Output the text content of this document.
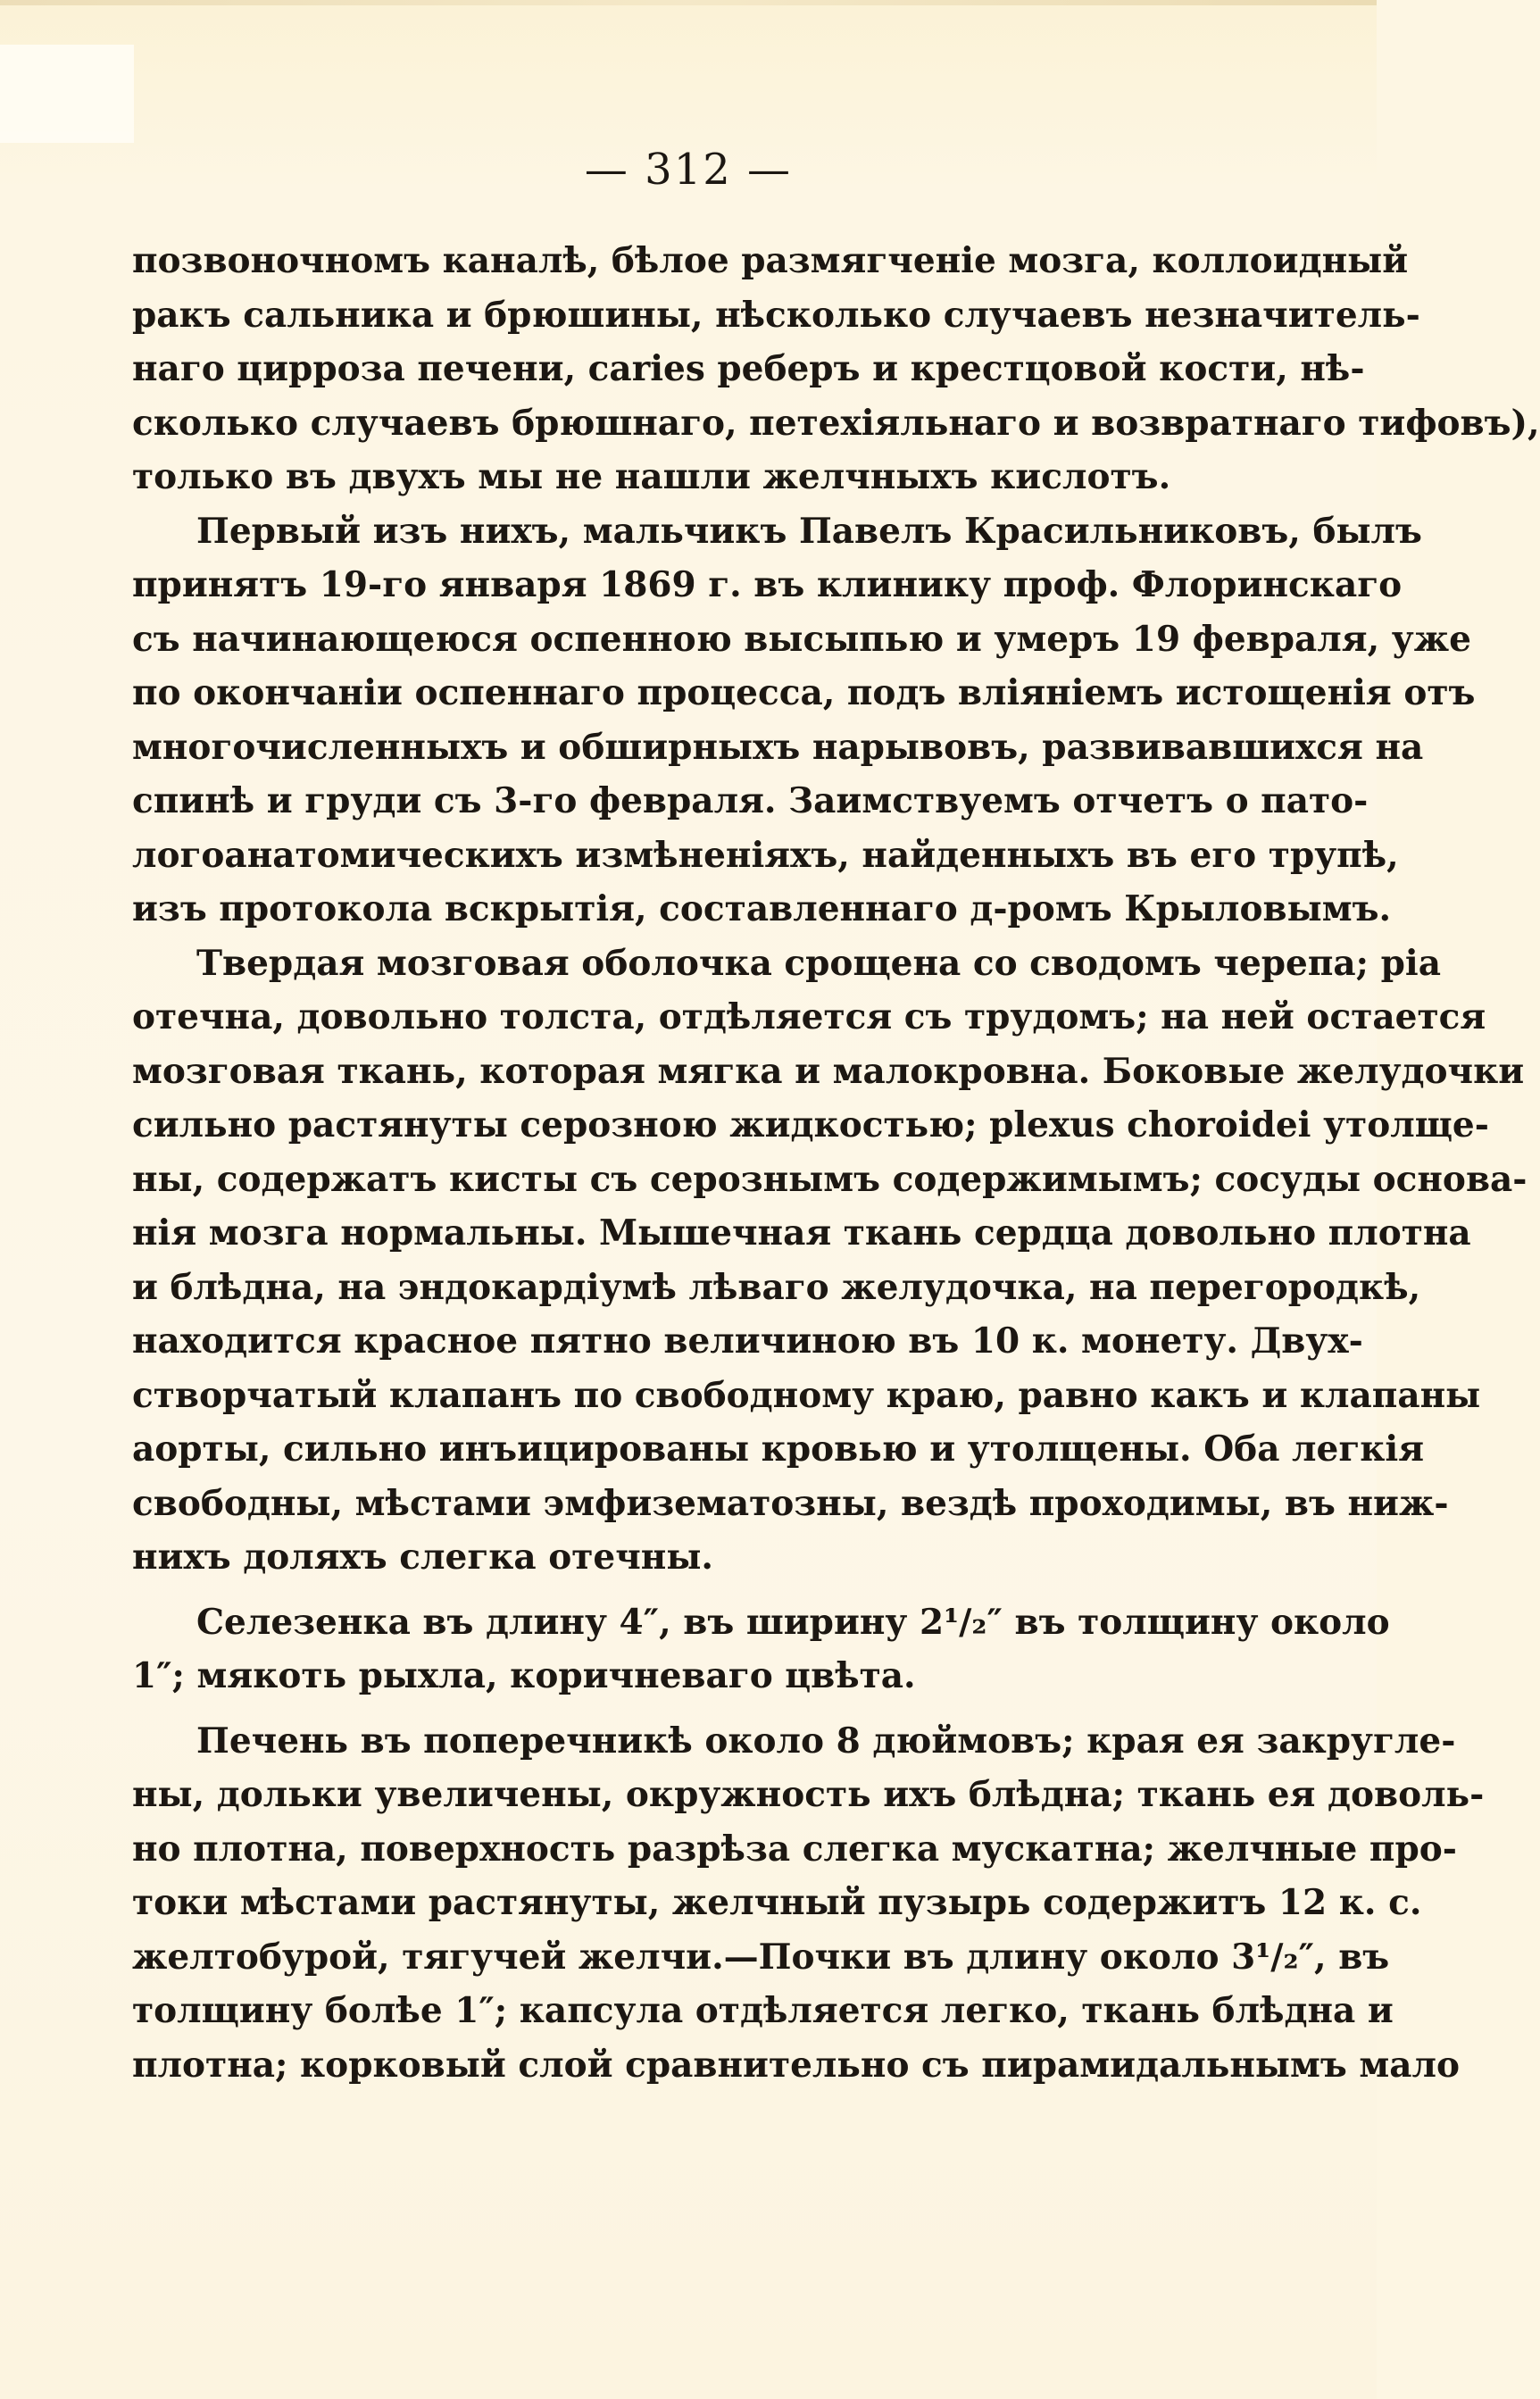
— 312 —
позвоночномъ каналѣ, бѣлое размягченіе мозга, коллоидный
ракъ сальника и брюшины, нѣсколько случаевъ незначитель-
наго цирроза печени, caries реберъ и крестцовой кости, нѣ-
сколько случаевъ брюшнаго, петехіяльнаго и возвратнаго тифовъ),
только въ двухъ мы не нашли желчныхъ кислотъ.
Первый изъ нихъ, мальчикъ Павелъ Красильниковъ, былъ
принятъ 19-го января 1869 г. въ клинику проф. Флоринскаго
съ начинающеюся оспенною высыпью и умеръ 19 февраля, уже
по окончаніи оспеннаго процесса, подъ вліяніемъ истощенія отъ
многочисленныхъ и обширныхъ нарывовъ, развивавшихся на
спинѣ и груди съ 3-го февраля. Заимствуемъ отчетъ о пато-
логоанатомическихъ измѣненіяхъ, найденныхъ въ его трупѣ,
изъ протокола вскрытія, составленнаго д-ромъ Крыловымъ.
Твердая мозговая оболочка срощена со сводомъ черепа; pia
отечна, довольно толста, отдѣляется съ трудомъ; на ней остается
мозговая ткань, которая мягка и малокровна. Боковые желудочки
сильно растянуты серозною жидкостью; plexus choroidei утолще-
ны, содержатъ кисты съ сeрознымъ содержимымъ; сосуды основа-
нія мозга нормальны. Мышечная ткань сердца довольно плотна
и блѣдна, на эндокардіумѣ лѣваго желудочка, на перегородкѣ,
находится красное пятно величиною въ 10 к. монету. Двух-
створчатый клапанъ по свободному краю, равно какъ и клапаны
аорты, сильно инъицированы кровью и утолщены. Оба легкія
свободны, мѣстами эмфизематозны, вездѣ проходимы, въ ниж-
нихъ доляхъ слегка отечны.
Селезенка въ длину 4″, въ ширину 2¹/₂″ въ толщину около
1″; мякоть рыхла, коричневаго цвѣта.
Печень въ поперечникѣ около 8 дюймовъ; края ея закругле-
ны, дольки увеличены, окружность ихъ блѣдна; ткань ея доволь-
но плотна, поверхность разрѣза слегка мускатна; желчные про-
токи мѣстами растянуты, желчный пузырь содержитъ 12 к. с.
желтобурой, тягучей желчи.—Почки въ длину около 3¹/₂″, въ
толщину болѣе 1″; капсула отдѣляется легко, ткань блѣдна и
плотна; корковый слой сравнительно съ пирамидальнымъ мало
